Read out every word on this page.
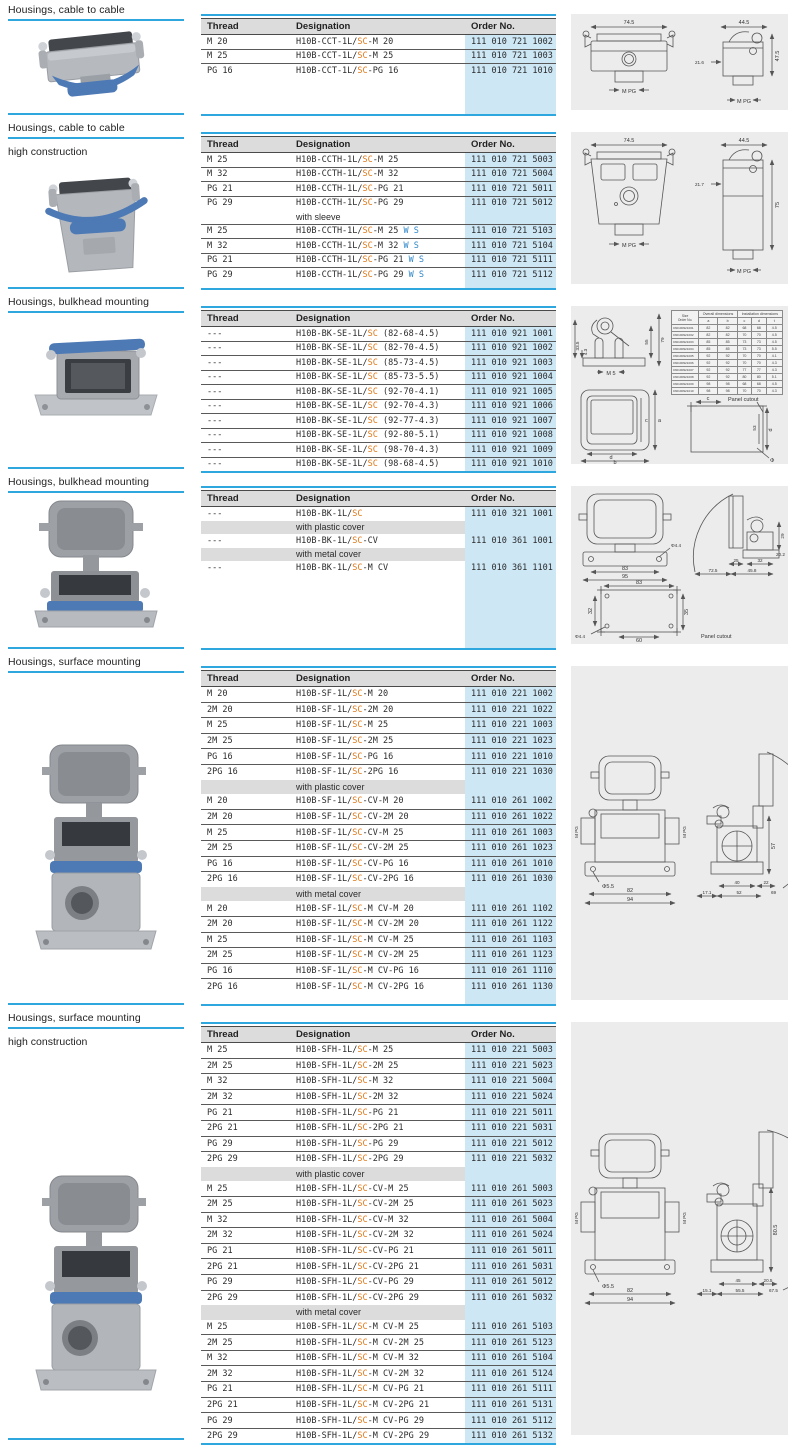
Housings, cable to cable
Thread	Designation	Order No.
M 20	H10B-CCT-1L/SC-M 20	111 010 721 1002
M 25	H10B-CCT-1L/SC-M 25	111 010 721 1003
PG 16	H10B-CCT-1L/SC-PG 16	111 010 721 1010
74.5	44.5
47.5
21.6
M PG
M PG
Housings, cable to cable
high construction
Thread	Designation	Order No.
M 25	H10B-CCTH-1L/SC-M 25	111 010 721 5003
M 32	H10B-CCTH-1L/SC-M 32	111 010 721 5004
PG 21	H10B-CCTH-1L/SC-PG 21	111 010 721 5011
PG 29	H10B-CCTH-1L/SC-PG 29	111 010 721 5012
	with sleeve	
M 25	H10B-CCTH-1L/SC-M 25 W S	111 010 721 5103
M 32	H10B-CCTH-1L/SC-M 32 W S	111 010 721 5104
PG 21	H10B-CCTH-1L/SC-PG 21 W S	111 010 721 5111
PG 29	H10B-CCTH-1L/SC-PG 29 W S	111 010 721 5112
74.5	44.5
75
21.7
M PG
M PG
Housings, bulkhead mounting
Thread	Designation	Order No.
---	H10B-BK-SE-1L/SC (82-68-4.5)	111 010 921 1001
---	H10B-BK-SE-1L/SC (82-70-4.5)	111 010 921 1002
---	H10B-BK-SE-1L/SC (85-73-4.5)	111 010 921 1003
---	H10B-BK-SE-1L/SC (85-73-5.5)	111 010 921 1004
---	H10B-BK-SE-1L/SC (92-70-4.1)	111 010 921 1005
---	H10B-BK-SE-1L/SC (92-70-4.3)	111 010 921 1006
---	H10B-BK-SE-1L/SC (92-77-4.3)	111 010 921 1007
---	H10B-BK-SE-1L/SC (92-80-5.1)	111 010 921 1008
---	H10B-BK-SE-1L/SC (98-70-4.3)	111 010 921 1009
---	H10B-BK-SE-1L/SC (98-68-4.5)	111 010 921 1010
33.5
4.3
55 79
M 5
c a
d
b
c	Panel cutout
d
53
Φ
Size
Order No.	Overall dimensions		Installation dimensions		
	a	b	c	d	t
030100921001	82	82	68	68	4.5
030100921002	82	82	70	70	4.5
030100921003	85	85	73	73	4.5
030100921004	85	85	73	73	5.5
030100921005	92	92	70	70	4.1
030100921006	92	92	70	70	4.3
030100921007	92	92	77	77	4.3
030100921008	92	92	80	80	5.1
030100921009	98	98	68	68	4.5
030100921010	98	98	70	70	4.3
Housings, bulkhead mounting
Thread	Designation	Order No.
---	H10B-BK-1L/SC	111 010 321 1001
	with plastic cover	
---	H10B-BK-1L/SC-CV	111 010 361 1001
	with metal cover	
---	H10B-BK-1L/SC-M CV	111 010 361 1101
Φ4.4
83
95
29
25	32
20.2
72.5	45.8
83
32	35
60
Φ4.4	Panel cutout
Housings, surface mounting
Thread	Designation	Order No.
M 20	H10B-SF-1L/SC-M 20	111 010 221 1002
2M 20	H10B-SF-1L/SC-2M 20	111 010 221 1022
M 25	H10B-SF-1L/SC-M 25	111 010 221 1003
2M 25	H10B-SF-1L/SC-2M 25	111 010 221 1023
PG 16	H10B-SF-1L/SC-PG 16	111 010 221 1010
2PG 16	H10B-SF-1L/SC-2PG 16	111 010 221 1030
	with plastic cover	
M 20	H10B-SF-1L/SC-CV-M 20	111 010 261 1002
2M 20	H10B-SF-1L/SC-CV-2M 20	111 010 261 1022
M 25	H10B-SF-1L/SC-CV-M 25	111 010 261 1003
2M 25	H10B-SF-1L/SC-CV-2M 25	111 010 261 1023
PG 16	H10B-SF-1L/SC-CV-PG 16	111 010 261 1010
2PG 16	H10B-SF-1L/SC-CV-2PG 16	111 010 261 1030
	with metal cover	
M 20	H10B-SF-1L/SC-M CV-M 20	111 010 261 1102
2M 20	H10B-SF-1L/SC-M CV-2M 20	111 010 261 1122
M 25	H10B-SF-1L/SC-M CV-M 25	111 010 261 1103
2M 25	H10B-SF-1L/SC-M CV-2M 25	111 010 261 1123
PG 16	H10B-SF-1L/SC-M CV-PG 16	111 010 261 1110
2PG 16	H10B-SF-1L/SC-M CV-2PG 16	111 010 261 1130
M PG	M PG
Φ5.5
82
94
57
40	22
17.1	52	69
Housings, surface mounting
high construction
Thread	Designation	Order No.
M 25	H10B-SFH-1L/SC-M 25	111 010 221 5003
2M 25	H10B-SFH-1L/SC-2M 25	111 010 221 5023
M 32	H10B-SFH-1L/SC-M 32	111 010 221 5004
2M 32	H10B-SFH-1L/SC-2M 32	111 010 221 5024
PG 21	H10B-SFH-1L/SC-PG 21	111 010 221 5011
2PG 21	H10B-SFH-1L/SC-2PG 21	111 010 221 5031
PG 29	H10B-SFH-1L/SC-PG 29	111 010 221 5012
2PG 29	H10B-SFH-1L/SC-2PG 29	111 010 221 5032
	with plastic cover	
M 25	H10B-SFH-1L/SC-CV-M 25	111 010 261 5003
2M 25	H10B-SFH-1L/SC-CV-2M 25	111 010 261 5023
M 32	H10B-SFH-1L/SC-CV-M 32	111 010 261 5004
2M 32	H10B-SFH-1L/SC-CV-2M 32	111 010 261 5024
PG 21	H10B-SFH-1L/SC-CV-PG 21	111 010 261 5011
2PG 21	H10B-SFH-1L/SC-CV-2PG 21	111 010 261 5031
PG 29	H10B-SFH-1L/SC-CV-PG 29	111 010 261 5012
2PG 29	H10B-SFH-1L/SC-CV-2PG 29	111 010 261 5032
	with metal cover	
M 25	H10B-SFH-1L/SC-M CV-M 25	111 010 261 5103
2M 25	H10B-SFH-1L/SC-M CV-2M 25	111 010 261 5123
M 32	H10B-SFH-1L/SC-M CV-M 32	111 010 261 5104
2M 32	H10B-SFH-1L/SC-M CV-2M 32	111 010 261 5124
PG 21	H10B-SFH-1L/SC-M CV-PG 21	111 010 261 5111
2PG 21	H10B-SFH-1L/SC-M CV-2PG 21	111 010 261 5131
PG 29	H10B-SFH-1L/SC-M CV-PG 29	111 010 261 5112
2PG 29	H10B-SFH-1L/SC-M CV-2PG 29	111 010 261 5132
M PG	M PG
Φ5.5
82
94
80.5
45	20.5
15.1	55.5	67.5
